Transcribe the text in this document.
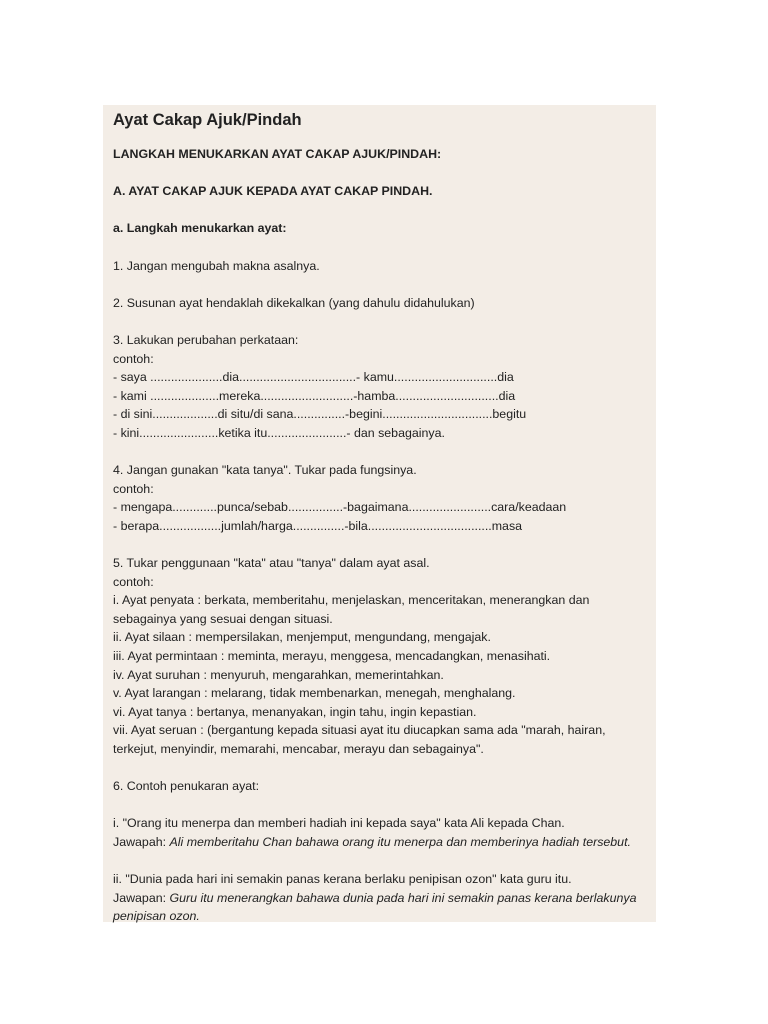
Ayat Cakap Ajuk/Pindah
LANGKAH MENUKARKAN AYAT CAKAP AJUK/PINDAH:
A. AYAT CAKAP AJUK KEPADA AYAT CAKAP PINDAH.
a. Langkah menukarkan ayat:
1. Jangan mengubah makna asalnya.
2. Susunan ayat hendaklah dikekalkan (yang dahulu didahulukan)
3. Lakukan perubahan perkataan:
contoh:
- saya .....................dia..................................- kamu..............................dia
- kami ....................mereka...........................-hamba..............................dia
- di sini...................di situ/di sana...............-begini................................begitu
- kini.......................ketika itu.......................- dan sebagainya.
4. Jangan gunakan "kata tanya". Tukar pada fungsinya.
contoh:
- mengapa.............punca/sebab................-bagaimana........................cara/keadaan
- berapa..................jumlah/harga...............-bila....................................masa
5. Tukar penggunaan "kata" atau "tanya" dalam ayat asal.
contoh:
i. Ayat penyata : berkata, memberitahu, menjelaskan, menceritakan, menerangkan dan sebagainya yang sesuai dengan situasi.
ii. Ayat silaan : mempersilakan, menjemput, mengundang, mengajak.
iii. Ayat permintaan : meminta, merayu, menggesa, mencadangkan, menasihati.
iv. Ayat suruhan : menyuruh, mengarahkan, memerintahkan.
v. Ayat larangan : melarang, tidak membenarkan, menegah, menghalang.
vi. Ayat tanya : bertanya, menanyakan, ingin tahu, ingin kepastian.
vii. Ayat seruan : (bergantung kepada situasi ayat itu diucapkan sama ada "marah, hairan, terkejut, menyindir, memarahi, mencabar, merayu dan sebagainya".
6. Contoh penukaran ayat:
i. "Orang itu menerpa dan memberi hadiah ini kepada saya" kata Ali kepada Chan.
Jawapah: Ali memberitahu Chan bahawa orang itu menerpa dan memberinya hadiah tersebut.
ii. "Dunia pada hari ini semakin panas kerana berlaku penipisan ozon" kata guru itu.
Jawapan: Guru itu menerangkan bahawa dunia pada hari ini semakin panas kerana berlakunya penipisan ozon.
